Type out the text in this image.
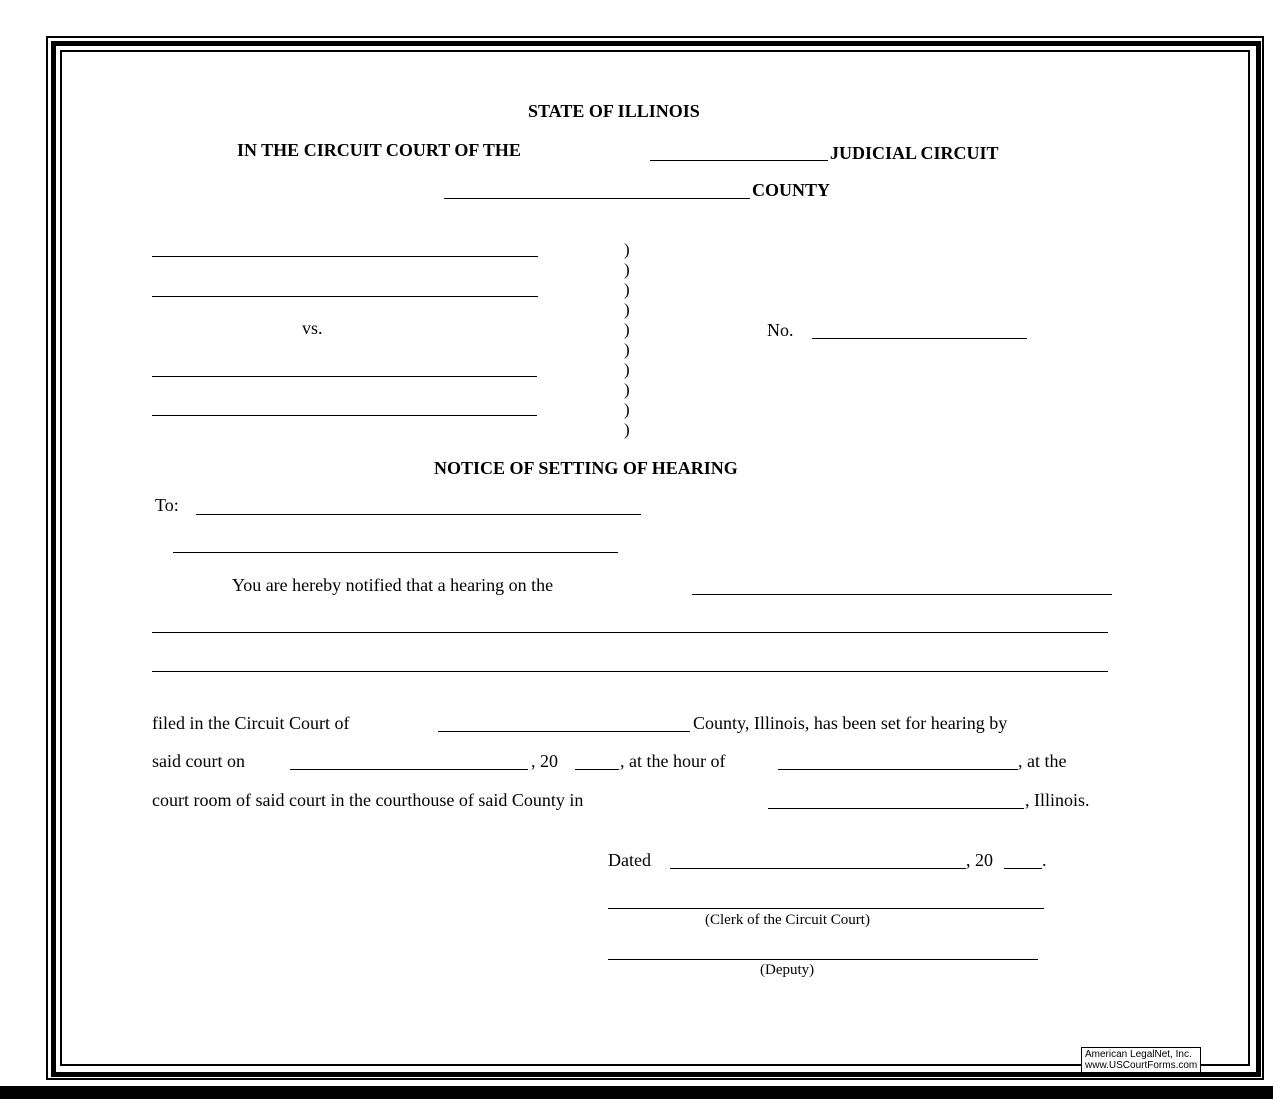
STATE OF ILLINOIS
IN THE CIRCUIT COURT OF THE	JUDICIAL CIRCUIT
COUNTY
vs.
)
)
)
)
)
)
)
)
)
)
No.
NOTICE OF SETTING OF HEARING
To:
You are hereby notified that a hearing on the
filed in the Circuit Court of	County, Illinois, has been set for hearing by
said court on	, 20	, at the hour of	, at the
court room of said court in the courthouse of said County in	, Illinois.
Dated	, 20	.
(Clerk of the Circuit Court)
(Deputy)
American LegalNet, Inc.
www.USCourtForms.com
